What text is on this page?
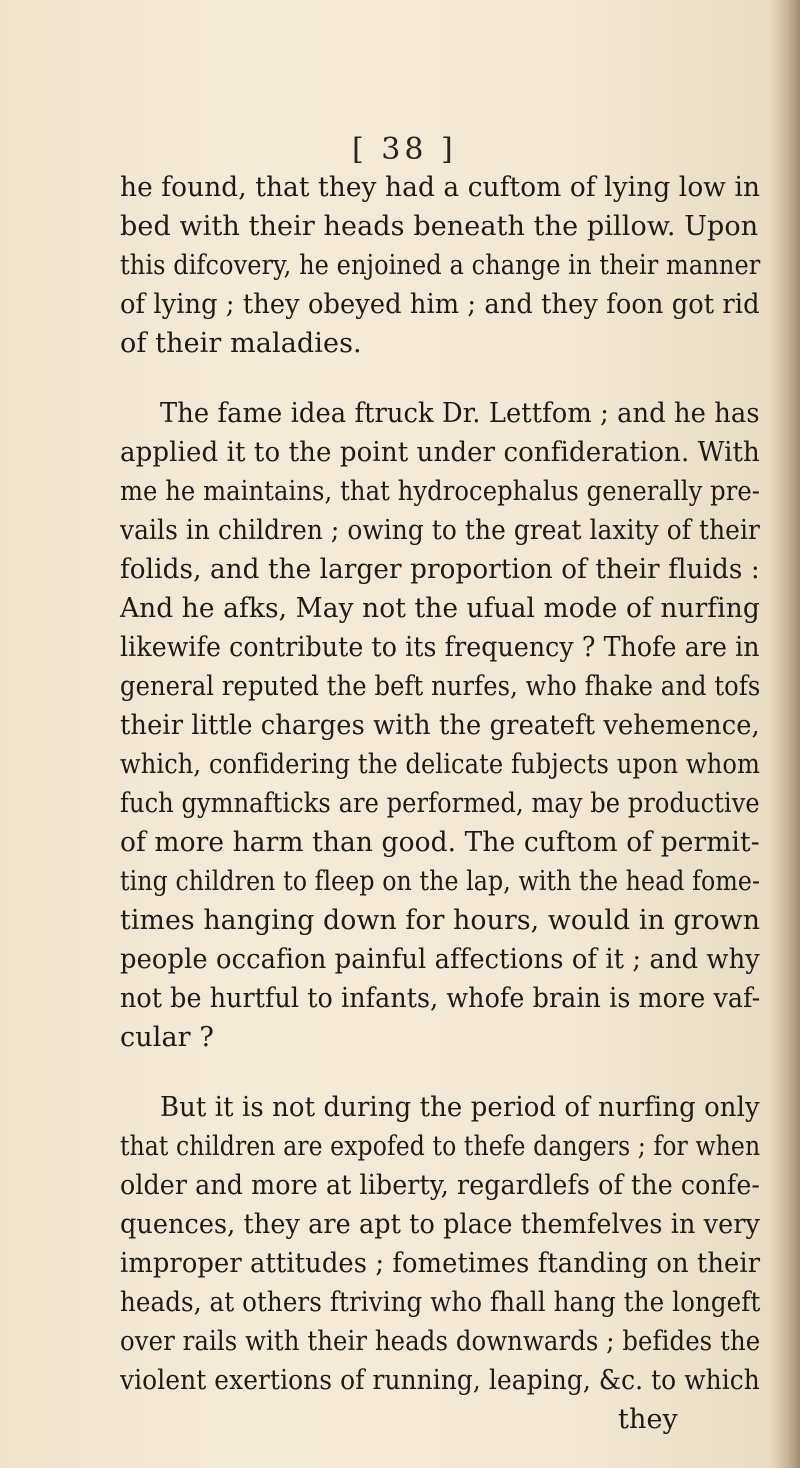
[ 38 ]
he found, that they had a cuftom of lying low in
bed with their heads beneath the pillow. Upon
this difcovery, he enjoined a change in their manner
of lying ; they obeyed him ; and they foon got rid
of their maladies.
The fame idea ftruck Dr. Lettfom ; and he has
applied it to the point under confideration. With
me he maintains, that hydrocephalus generally pre-
vails in children ; owing to the great laxity of their
folids, and the larger proportion of their fluids :
And he afks, May not the ufual mode of nurfing
likewife contribute to its frequency ? Thofe are in
general reputed the beft nurfes, who fhake and tofs
their little charges with the greateft vehemence,
which, confidering the delicate fubjects upon whom
fuch gymnafticks are performed, may be productive
of more harm than good. The cuftom of permit-
ting children to fleep on the lap, with the head fome-
times hanging down for hours, would in grown
people occafion painful affections of it ; and why
not be hurtful to infants, whofe brain is more vaf-
cular ?
But it is not during the period of nurfing only
that children are expofed to thefe dangers ; for when
older and more at liberty, regardlefs of the confe-
quences, they are apt to place themfelves in very
improper attitudes ; fometimes ftanding on their
heads, at others ftriving who fhall hang the longeft
over rails with their heads downwards ; befides the
violent exertions of running, leaping, &c. to which
they
